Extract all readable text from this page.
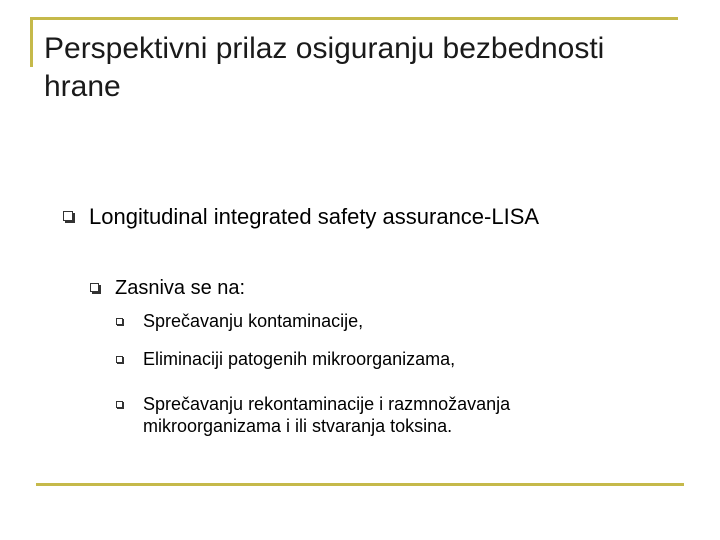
Perspektivni prilaz osiguranju bezbednosti hrane

Longitudinal integrated safety assurance-LISA

Zasniva se na:

Sprečavanju kontaminacije,

Eliminaciji patogenih mikroorganizama,

Sprečavanju rekontaminacije i razmnožavanja mikroorganizama i ili stvaranja toksina.
